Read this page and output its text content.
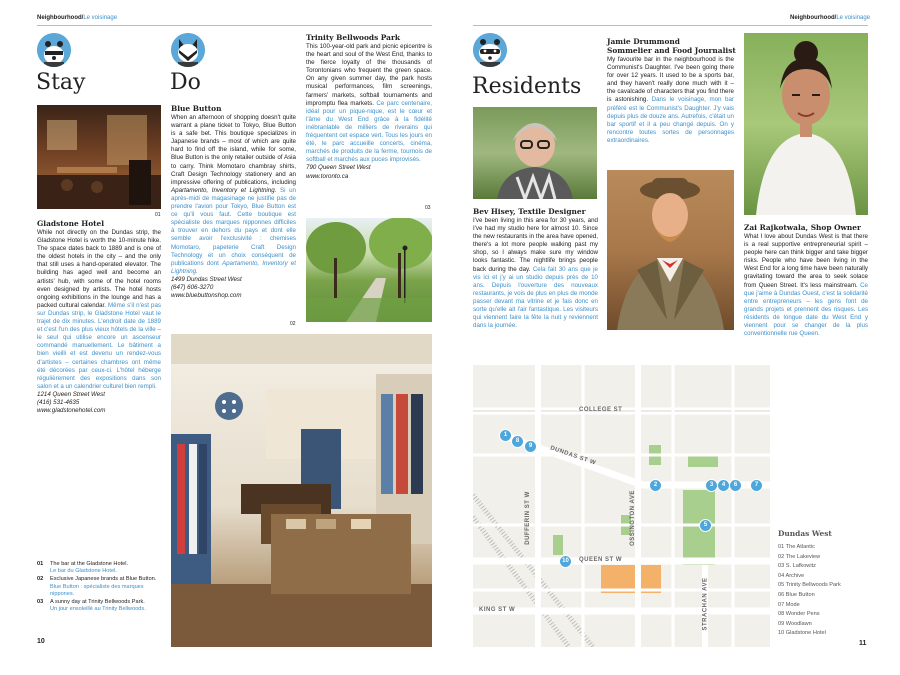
Neighbourhood/Le voisinage
Stay
01
Gladstone Hotel
While not directly on the Dundas strip, the Gladstone Hotel is worth the 10-minute hike. The space dates back to 1889 and is one of the oldest hotels in the city – and the only that still uses a hand-operated elevator. The building has aged well and become an artists' hub, with some of the hotel rooms even designed by artists. The hotel hosts ongoing exhibitions in the lounge and has a packed cultural calendar. Même s'il n'est pas sur Dundas strip, le Gladstone Hotel vaut le trajet de dix minutes. L'endroit date de 1889 et c'est l'un des plus vieux hôtels de la ville – le seul qui utilise encore un ascenseur commandé manuellement. Le bâtiment a bien vieilli et est devenu un rendez-vous d'artistes – certaines chambres ont même été décorées par ceux-ci. L'hôtel héberge régulièrement des expositions dans son salon et a un calendrier culturel bien rempli.
1214 Queen Street West
(416) 531-4635
www.gladstonehotel.com
01	The bar at the Gladstone Hotel.
Le bar du Gladstone Hotel.
02	Exclusive Japanese brands at Blue Button.
Blue Button : spécialiste des marques nippones.
03	A sunny day at Trinity Bellwoods Park.
Un jour ensoleillé au Trinity Bellwoods.
10
Do
Blue Button
When an afternoon of shopping doesn't quite warrant a plane ticket to Tokyo, Blue Button is a safe bet. This boutique specializes in Japanese brands – most of which are quite hard to find off the island, while for some, Blue Button is the only retailer outside of Asia to carry. Think Momotaro chambray shirts, Craft Design Technology stationery and an impressive offering of publications, including Apartamento, Inventory et Lightning. Si un après-midi de magasinage ne justifie pas de prendre l'avion pour Tokyo, Blue Button est ce qu'il vous faut. Cette boutique est spécialiste des marques nipponnes difficiles à trouver en dehors du pays et dont elle semble avoir l'exclusivité : chemises Momotaro, papeterie Craft Design Technology et un choix conséquent de publications dont Apartamento, Inventory et Lightning.
1499 Dundas Street West
(647) 606-3270
www.bluebuttonshop.com
02
Trinity Bellwoods Park
This 100-year-old park and picnic epicentre is the heart and soul of the West End, thanks to the fierce loyalty of the thousands of Torontonians who frequent the green space. On any given summer day, the park hosts musical performances, film screenings, farmers' markets, softball tournaments and impromptu flea markets. Ce parc centenaire, idéal pour un pique-nique, est le cœur et l'âme du West End grâce à la fidélité inébranlable de milliers de riverains qui fréquentent cet espace vert. Tous les jours en été, le parc accueille concerts, cinéma, marchés de produits de la ferme, tournois de softball et marchés aux puces improvisés.
790 Queen Street West
www.toronto.ca
03
Neighbourhood/Le voisinage
Residents
Bev Hisey, Textile Designer
I've been living in this area for 30 years, and I've had my studio here for almost 10. Since the new restaurants in the area have opened, there's a lot more people walking past my shop, so I always make sure my window looks fantastic. The nightlife brings people back during the day. Cela fait 30 ans que je vis ici et j'y ai un studio depuis près de 10 ans. Depuis l'ouverture des nouveaux restaurants, je vois de plus en plus de monde passer devant ma vitrine et je fais donc en sorte qu'elle ait l'air fantastique. Les visiteurs qui viennent faire la fête la nuit y reviennent dans la journée.
Jamie Drummond
Sommelier and Food Journalist
My favourite bar in the neighbourhood is the Communist's Daughter. I've been going there for over 12 years. It used to be a sports bar, and they haven't really done much with it – the cavalcade of characters that you find there is astonishing. Dans le voisinage, mon bar préféré est le Communist's Daughter. J'y vais depuis plus de douze ans. Autrefois, c'était un bar sportif et il a peu changé depuis. On y rencontre toutes sortes de personnages extraordinaires.
Zai Rajkotwala, Shop Owner
What I love about Dundas West is that there is a real supportive entrepreneurial spirit – people here can think bigger and take bigger risks. People who have been living in the West End for a long time have been naturally gravitating toward the area to seek solace from Queen Street. It's less mainstream. Ce que j'aime à Dundas Ouest, c'est la solidarité entre entrepreneurs – les gens font de grands projets et prennent des risques. Les résidents de longue date du West End y viennent pour se changer de la plus conventionnelle rue Queen.
COLLEGE ST
DUNDAS ST W
QUEEN ST W
KING ST W
DUFFERIN ST W	OSSINGTON AVE
STRACHAN AVE
1
8
9
2	3	4	6	7
5
10
Dundas West
01 The Atlantic
02 The Lakeview
03 S. Lafkowitz
04 Archive
05 Trinity Bellwoods Park
06 Blue Button
07 Mode
08 Wonder Pens
09 Woodlawn
10 Gladstone Hotel
11
